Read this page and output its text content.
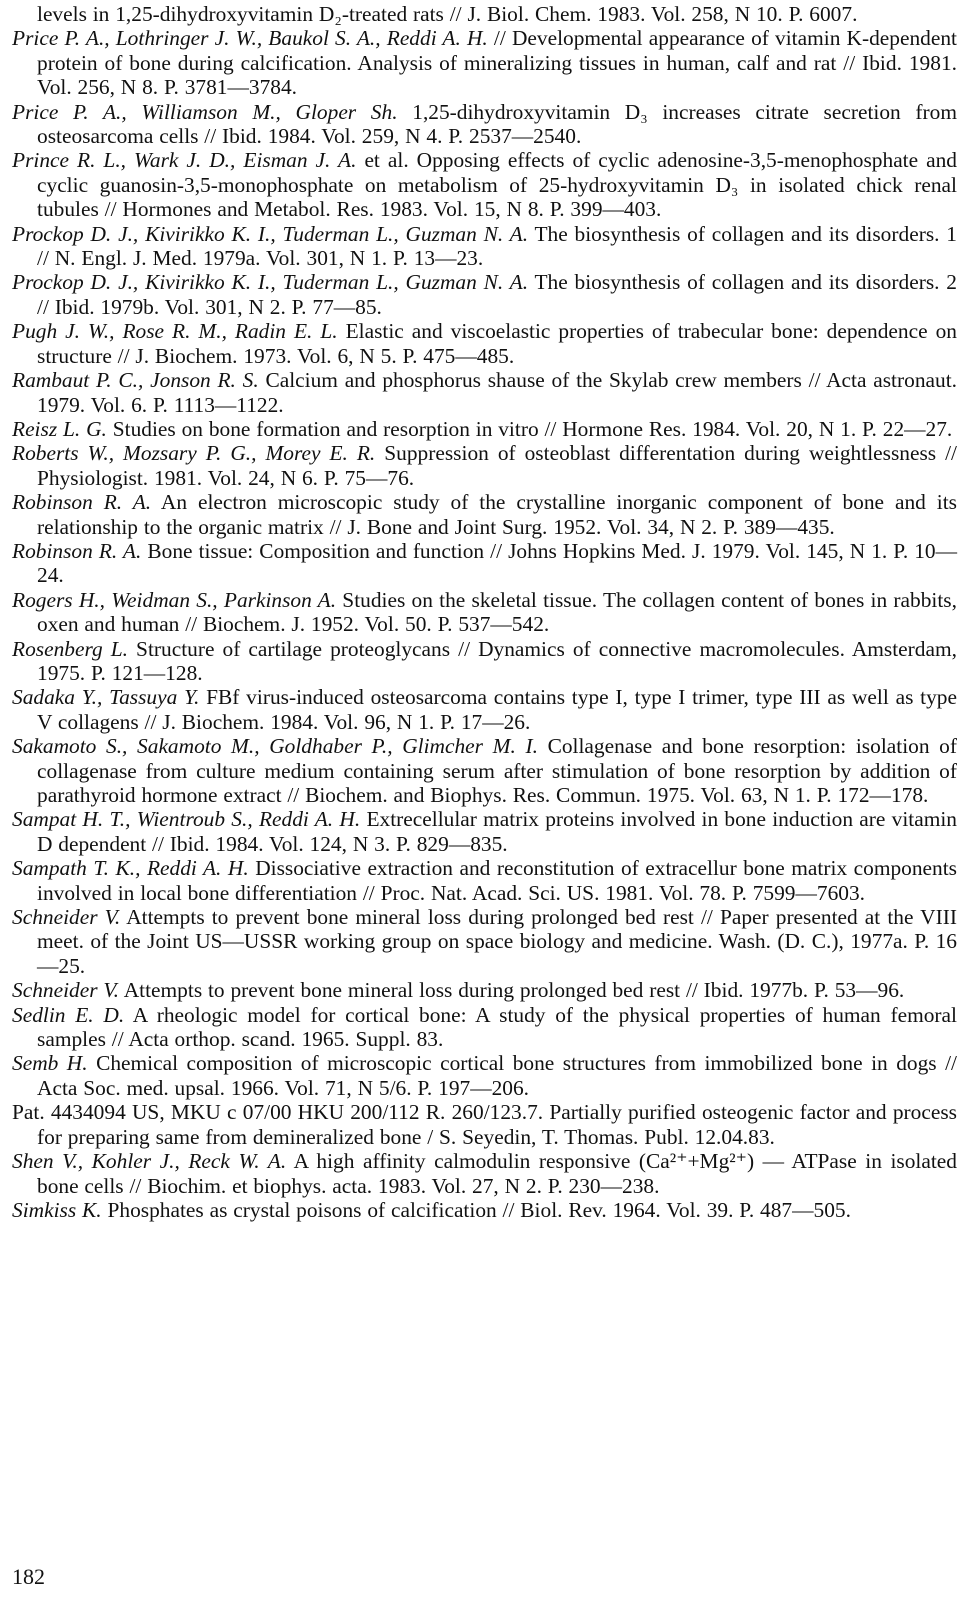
levels in 1,25-dihydroxyvitamin D₂-treated rats // J. Biol. Chem. 1983. Vol. 258, N 10. P. 6007.
Price P. A., Lothringer J. W., Baukol S. A., Reddi A. H. // Developmental appearance of vitamin K-dependent protein of bone during calcification. Analysis of mineralizing tissues in human, calf and rat // Ibid. 1981. Vol. 256, N 8. P. 3781—3784.
Price P. A., Williamson M., Gloper Sh. 1,25-dihydroxyvitamin D₃ increases citrate secretion from osteosarcoma cells // Ibid. 1984. Vol. 259, N 4. P. 2537—2540.
Prince R. L., Wark J. D., Eisman J. A. et al. Opposing effects of cyclic adenosine-3,5-menophosphate and cyclic guanosin-3,5-monophosphate on metabolism of 25-hydroxyvitamin D₃ in isolated chick renal tubules // Hormones and Metabol. Res. 1983. Vol. 15, N 8. P. 399—403.
Prockop D. J., Kivirikko K. I., Tuderman L., Guzman N. A. The biosynthesis of collagen and its disorders. 1 // N. Engl. J. Med. 1979a. Vol. 301, N 1. P. 13—23.
Prockop D. J., Kivirikko K. I., Tuderman L., Guzman N. A. The biosynthesis of collagen and its disorders. 2 // Ibid. 1979b. Vol. 301, N 2. P. 77—85.
Pugh J. W., Rose R. M., Radin E. L. Elastic and viscoelastic properties of trabecular bone: dependence on structure // J. Biochem. 1973. Vol. 6, N 5. P. 475—485.
Rambaut P. C., Jonson R. S. Calcium and phosphorus shause of the Skylab crew members // Acta astronaut. 1979. Vol. 6. P. 1113—1122.
Reisz L. G. Studies on bone formation and resorption in vitro // Hormone Res. 1984. Vol. 20, N 1. P. 22—27.
Roberts W., Mozsary P. G., Morey E. R. Suppression of osteoblast differentation during weightlessness // Physiologist. 1981. Vol. 24, N 6. P. 75—76.
Robinson R. A. An electron microscopic study of the crystalline inorganic component of bone and its relationship to the organic matrix // J. Bone and Joint Surg. 1952. Vol. 34, N 2. P. 389—435.
Robinson R. A. Bone tissue: Composition and function // Johns Hopkins Med. J. 1979. Vol. 145, N 1. P. 10—24.
Rogers H., Weidman S., Parkinson A. Studies on the skeletal tissue. The collagen content of bones in rabbits, oxen and human // Biochem. J. 1952. Vol. 50. P. 537—542.
Rosenberg L. Structure of cartilage proteoglycans // Dynamics of connective macromolecules. Amsterdam, 1975. P. 121—128.
Sadaka Y., Tassuya Y. FBf virus-induced osteosarcoma contains type I, type I trimer, type III as well as type V collagens // J. Biochem. 1984. Vol. 96, N 1. P. 17—26.
Sakamoto S., Sakamoto M., Goldhaber P., Glimcher M. I. Collagenase and bone resorption: isolation of collagenase from culture medium containing serum after stimulation of bone resorption by addition of parathyroid hormone extract // Biochem. and Biophys. Res. Commun. 1975. Vol. 63, N 1. P. 172—178.
Sampat H. T., Wientroub S., Reddi A. H. Extrecellular matrix proteins involved in bone induction are vitamin D dependent // Ibid. 1984. Vol. 124, N 3. P. 829—835.
Sampath T. K., Reddi A. H. Dissociative extraction and reconstitution of extracellur bone matrix components involved in local bone differentiation // Proc. Nat. Acad. Sci. US. 1981. Vol. 78. P. 7599—7603.
Schneider V. Attempts to prevent bone mineral loss during prolonged bed rest // Paper presented at the VIII meet. of the Joint US—USSR working group on space biology and medicine. Wash. (D. C.), 1977a. P. 16—25.
Schneider V. Attempts to prevent bone mineral loss during prolonged bed rest // Ibid. 1977b. P. 53—96.
Sedlin E. D. A rheologic model for cortical bone: A study of the physical properties of human femoral samples // Acta orthop. scand. 1965. Suppl. 83.
Semb H. Chemical composition of microscopic cortical bone structures from immobilized bone in dogs // Acta Soc. med. upsal. 1966. Vol. 71, N 5/6. P. 197—206.
Pat. 4434094 US, MKU c 07/00 HKU 200/112 R. 260/123.7. Partially purified osteogenic factor and process for preparing same from demineralized bone / S. Seyedin, T. Thomas. Publ. 12.04.83.
Shen V., Kohler J., Reck W. A. A high affinity calmodulin responsive (Ca²⁺+Mg²⁺) — ATPase in isolated bone cells // Biochim. et biophys. acta. 1983. Vol. 27, N 2. P. 230—238.
Simkiss K. Phosphates as crystal poisons of calcification // Biol. Rev. 1964. Vol. 39. P. 487—505.
182
